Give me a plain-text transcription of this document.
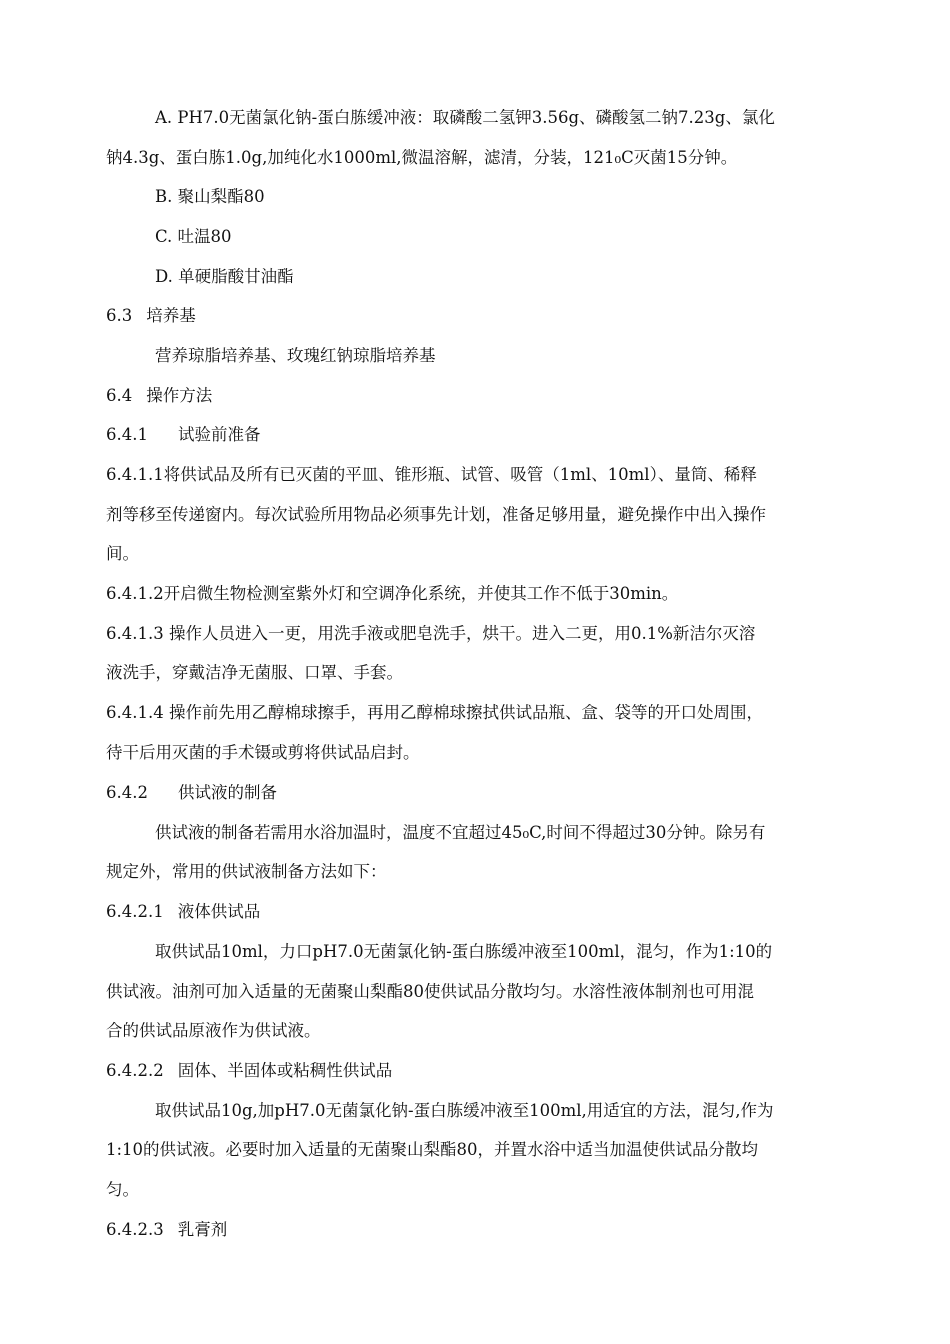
A. PH7.0无菌氯化钠-蛋白胨缓冲液：取磷酸二氢钾3.56g、磷酸氢二钠7.23g、氯化
钠4.3g、蛋白胨1.0g,加纯化水1000ml,微温溶解，滤清，分装，121₀C灭菌15分钟。
B. 聚山梨酯80
C. 吐温80
D. 单硬脂酸甘油酯
6.3 培养基
营养琼脂培养基、玫瑰红钠琼脂培养基
6.4 操作方法
6.4.1 试验前准备
6.4.1.1将供试品及所有已灭菌的平皿、锥形瓶、试管、吸管（1ml、10ml）、量筒、稀释
剂等移至传递窗内。每次试验所用物品必须事先计划，准备足够用量，避免操作中出入操作
间。
6.4.1.2开启微生物检测室紫外灯和空调净化系统，并使其工作不低于30min。
6.4.1.3 操作人员进入一更，用洗手液或肥皂洗手，烘干。进入二更，用0.1%新洁尔灭溶
液洗手，穿戴洁净无菌服、口罩、手套。
6.4.1.4 操作前先用乙醇棉球擦手，再用乙醇棉球擦拭供试品瓶、盒、袋等的开口处周围，
待干后用灭菌的手术镊或剪将供试品启封。
6.4.2 供试液的制备
供试液的制备若需用水浴加温时，温度不宜超过45₀C,时间不得超过30分钟。除另有
规定外，常用的供试液制备方法如下：
6.4.2.1 液体供试品
取供试品10ml，力口pH7.0无菌氯化钠-蛋白胨缓冲液至100ml，混匀，作为1:10的
供试液。油剂可加入适量的无菌聚山梨酯80使供试品分散均匀。水溶性液体制剂也可用混
合的供试品原液作为供试液。
6.4.2.2 固体、半固体或粘稠性供试品
取供试品10g,加pH7.0无菌氯化钠-蛋白胨缓冲液至100ml,用适宜的方法，混匀,作为
1:10的供试液。必要时加入适量的无菌聚山梨酯80，并置水浴中适当加温使供试品分散均
匀。
6.4.2.3 乳膏剂
